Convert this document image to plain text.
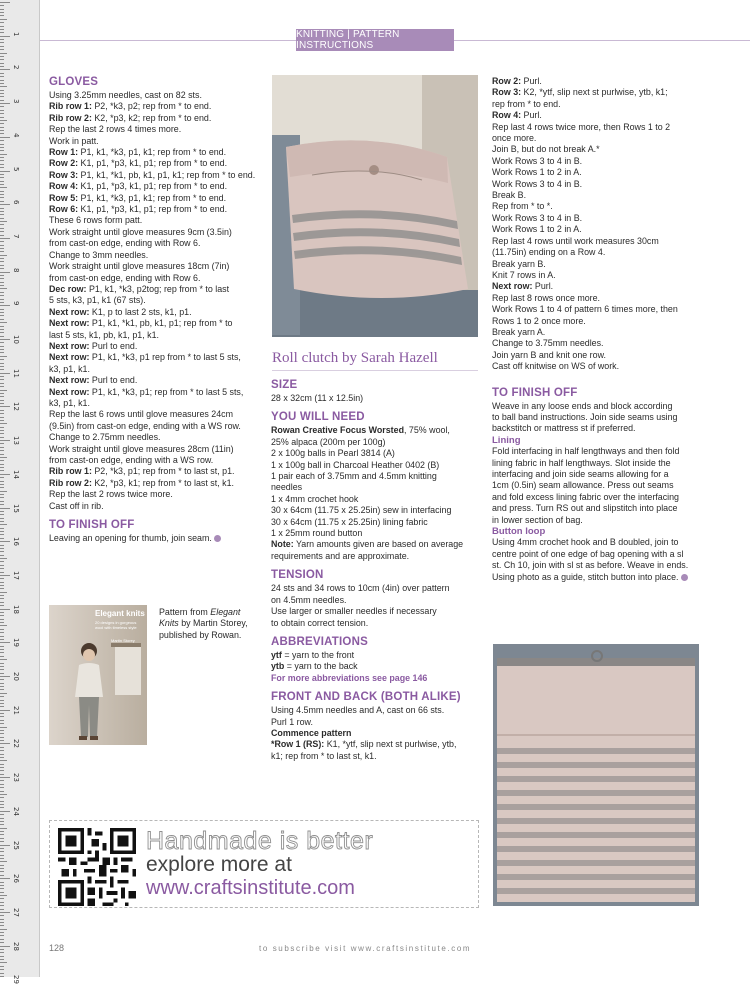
1
2
3
4
5
6
7
8
9
10
11
12
13
14
15
16
17
18
19
20
21
22
23
24
25
26
27
28
29
KNITTING | PATTERN INSTRUCTIONS
GLOVES

Using 3.25mm needles, cast on 82 sts.

Rib row 1: P2, *k3, p2; rep from * to end.

Rib row 2: K2, *p3, k2; rep from * to end.

Rep the last 2 rows 4 times more.

Work in patt.

Row 1: P1, k1, *k3, p1, k1; rep from * to end.

Row 2: K1, p1, *p3, k1, p1; rep from * to end.

Row 3: P1, k1, *k1, pb, k1, p1, k1; rep from * to end.

Row 4: K1, p1, *p3, k1, p1; rep from * to end.

Row 5: P1, k1, *k3, p1, k1; rep from * to end.

Row 6: K1, p1, *p3, k1, p1; rep from * to end.

These 6 rows form patt.

Work straight until glove measures 9cm (3.5in)

from cast-on edge, ending with Row 6.

Change to 3mm needles.

Work straight until glove measures 18cm (7in)

from cast-on edge, ending with Row 6.

Dec row: P1, k1, *k3, p2tog; rep from * to last

5 sts, k3, p1, k1 (67 sts).

Next row: K1, p to last 2 sts, k1, p1.

Next row: P1, k1, *k1, pb, k1, p1; rep from * to

last 5 sts, k1, pb, k1, p1, k1.

Next row: Purl to end.

Next row: P1, k1, *k3, p1 rep from * to last 5 sts,

k3, p1, k1.

Next row: Purl to end.

Next row: P1, k1, *k3, p1; rep from * to last 5 sts,

k3, p1, k1.

Rep the last 6 rows until glove measures 24cm

(9.5in) from cast-on edge, ending with a WS row.

Change to 2.75mm needles.

Work straight until glove measures 28cm (11in)

from cast-on edge, ending with a WS row.

Rib row 1: P2, *k3, p1; rep from * to last st, p1.

Rib row 2: K2, *p3, k1; rep from * to last st, k1.

Rep the last 2 rows twice more.

Cast off in rib.

TO FINISH OFF

Leaving an opening for thumb, join seam.

Elegant knits
20 designs in gorgeous wool with timeless style
Martin Storey

Pattern from Elegant

Knits by Martin Storey,

published by Rowan.

Roll clutch by Sarah Hazell
SIZE

28 x 32cm (11 x 12.5in)

YOU WILL NEED

Rowan Creative Focus Worsted, 75% wool,

25% alpaca (200m per 100g)

2 x 100g balls in Pearl 3814 (A)

1 x 100g ball in Charcoal Heather 0402 (B)

1 pair each of 3.75mm and 4.5mm knitting

needles

1 x 4mm crochet hook

30 x 64cm (11.75 x 25.25in) sew in interfacing

30 x 64cm (11.75 x 25.25in) lining fabric

1 x 25mm round button

Note: Yarn amounts given are based on average

requirements and are approximate.

TENSION

24 sts and 34 rows to 10cm (4in) over pattern

on 4.5mm needles.

Use larger or smaller needles if necessary

to obtain correct tension.

ABBREVIATIONS

ytf = yarn to the front

ytb = yarn to the back

For more abbreviations see page 146

FRONT AND BACK (BOTH ALIKE)

Using 4.5mm needles and A, cast on 66 sts.

Purl 1 row.

Commence pattern

*Row 1 (RS): K1, *ytf, slip next st purlwise, ytb,

k1; rep from * to last st, k1.

Row 2: Purl.

Row 3: K2, *ytf, slip next st purlwise, ytb, k1;

rep from * to end.

Row 4: Purl.

Rep last 4 rows twice more, then Rows 1 to 2

once more.

Join B, but do not break A.*

Work Rows 3 to 4 in B.

Work Rows 1 to 2 in A.

Work Rows 3 to 4 in B.

Break B.

Rep from * to *.

Work Rows 3 to 4 in B.

Work Rows 1 to 2 in A.

Rep last 4 rows until work measures 30cm

(11.75in) ending on a Row 4.

Break yarn B.

Knit 7 rows in A.

Next row: Purl.

Rep last 8 rows once more.

Work Rows 1 to 4 of pattern 6 times more, then

Rows 1 to 2 once more.

Break yarn A.

Change to 3.75mm needles.

Join yarn B and knit one row.

Cast off knitwise on WS of work.

TO FINISH OFF

Weave in any loose ends and block according

to ball band instructions. Join side seams using

backstitch or mattress st if preferred.

Lining

Fold interfacing in half lengthways and then fold

lining fabric in half lengthways. Slot inside the

interfacing and join side seams allowing for a

1cm (0.5in) seam allowance. Press out seams

and fold excess lining fabric over the interfacing

and press. Turn RS out and slipstitch into place

in lower section of bag.

Button loop

Using 4mm crochet hook and B doubled, join to

centre point of one edge of bag opening with a sl

st. Ch 10, join with sl st as before. Weave in ends.

Using photo as a guide, stitch button into place.

Handmade is better
explore more at
www.craftsinstitute.com
128	to subscribe visit www.craftsinstitute.com
